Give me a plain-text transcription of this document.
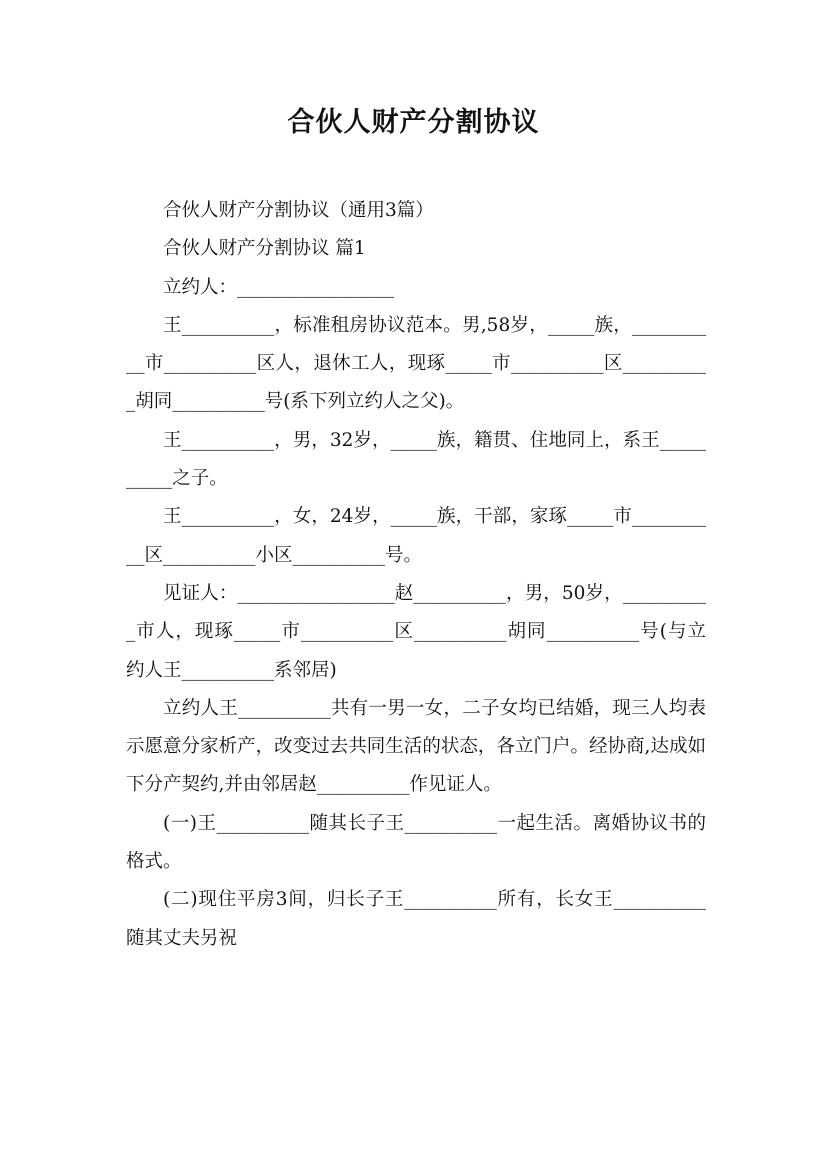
合伙人财产分割协议

合伙人财产分割协议（通用3篇）

合伙人财产分割协议 篇1

立约人：_________________

王__________，标准租房协议范本。男,58岁，_____族，__________市__________区人，退休工人，现琢_____市__________区__________胡同__________号(系下列立约人之父)。

王__________，男，32岁，_____族，籍贯、住地同上，系王__________之子。

王__________，女，24岁，_____族，干部，家琢_____市__________区__________小区__________号。

见证人：_________________赵__________，男，50岁，__________市人，现琢_____市__________区__________胡同__________号(与立约人王__________系邻居)

立约人王__________共有一男一女，二子女均已结婚，现三人均表示愿意分家析产，改变过去共同生活的状态，各立门户。经协商,达成如下分产契约,并由邻居赵__________作见证人。

(一)王__________随其长子王__________一起生活。离婚协议书的格式。

(二)现住平房3间，归长子王__________所有，长女王__________随其丈夫另祝
